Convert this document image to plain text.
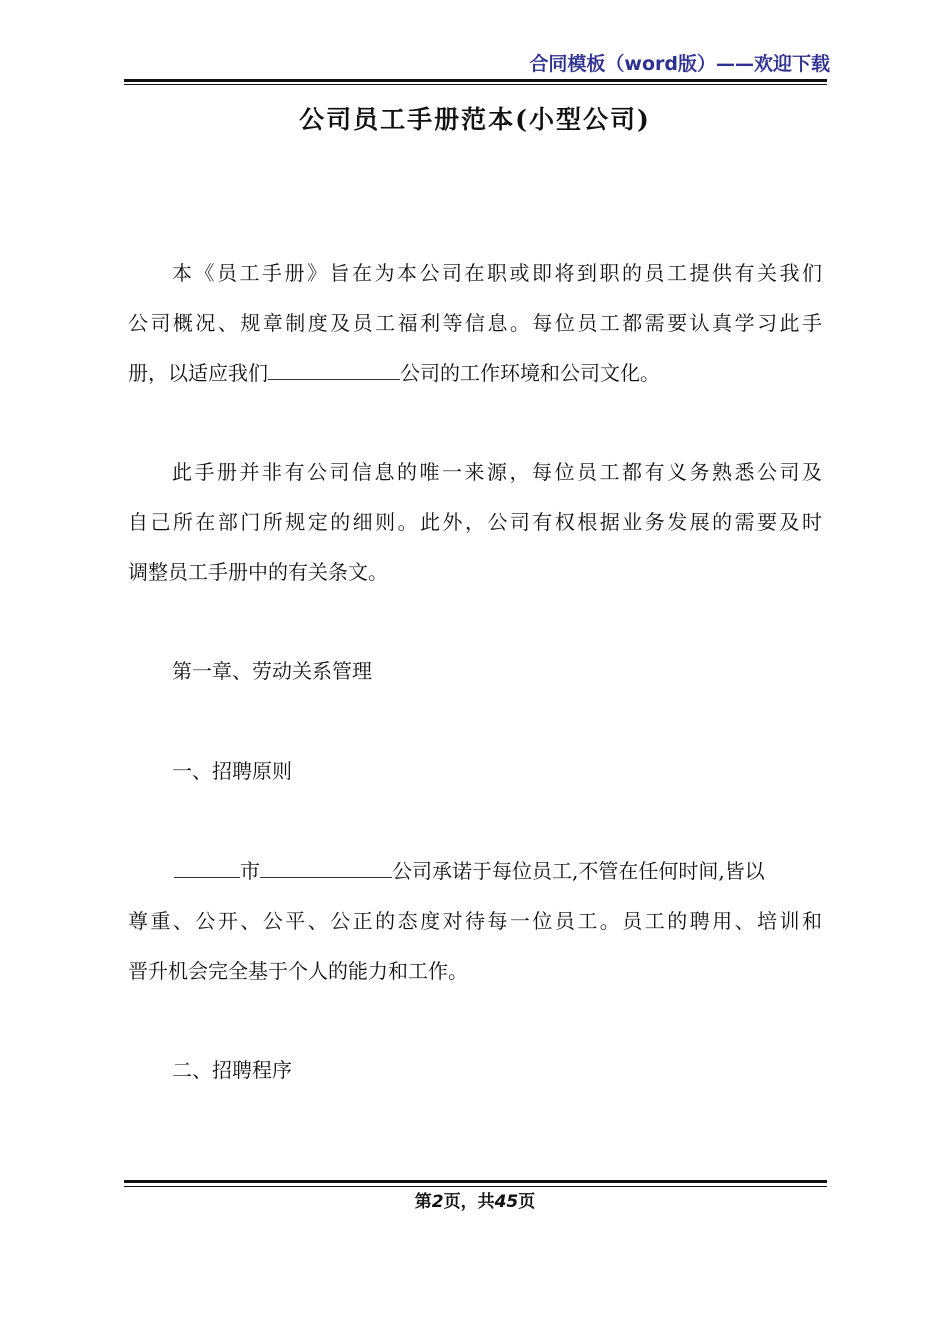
合同模板（word版）——欢迎下载
公司员工手册范本(小型公司)
本《员工手册》旨在为本公司在职或即将到职的员工提供有关我们
公司概况、规章制度及员工福利等信息。每位员工都需要认真学习此手
册，以适应我们	公司的工作环境和公司文化。
此手册并非有公司信息的唯一来源，每位员工都有义务熟悉公司及
自己所在部门所规定的细则。此外，公司有权根据业务发展的需要及时
调整员工手册中的有关条文。
第一章、劳动关系管理
一、招聘原则
市	公司承诺于每位员工,不管在任何时间,皆以
尊重、公开、公平、公正的态度对待每一位员工。员工的聘用、培训和
晋升机会完全基于个人的能力和工作。
二、招聘程序
第2页，共45页
